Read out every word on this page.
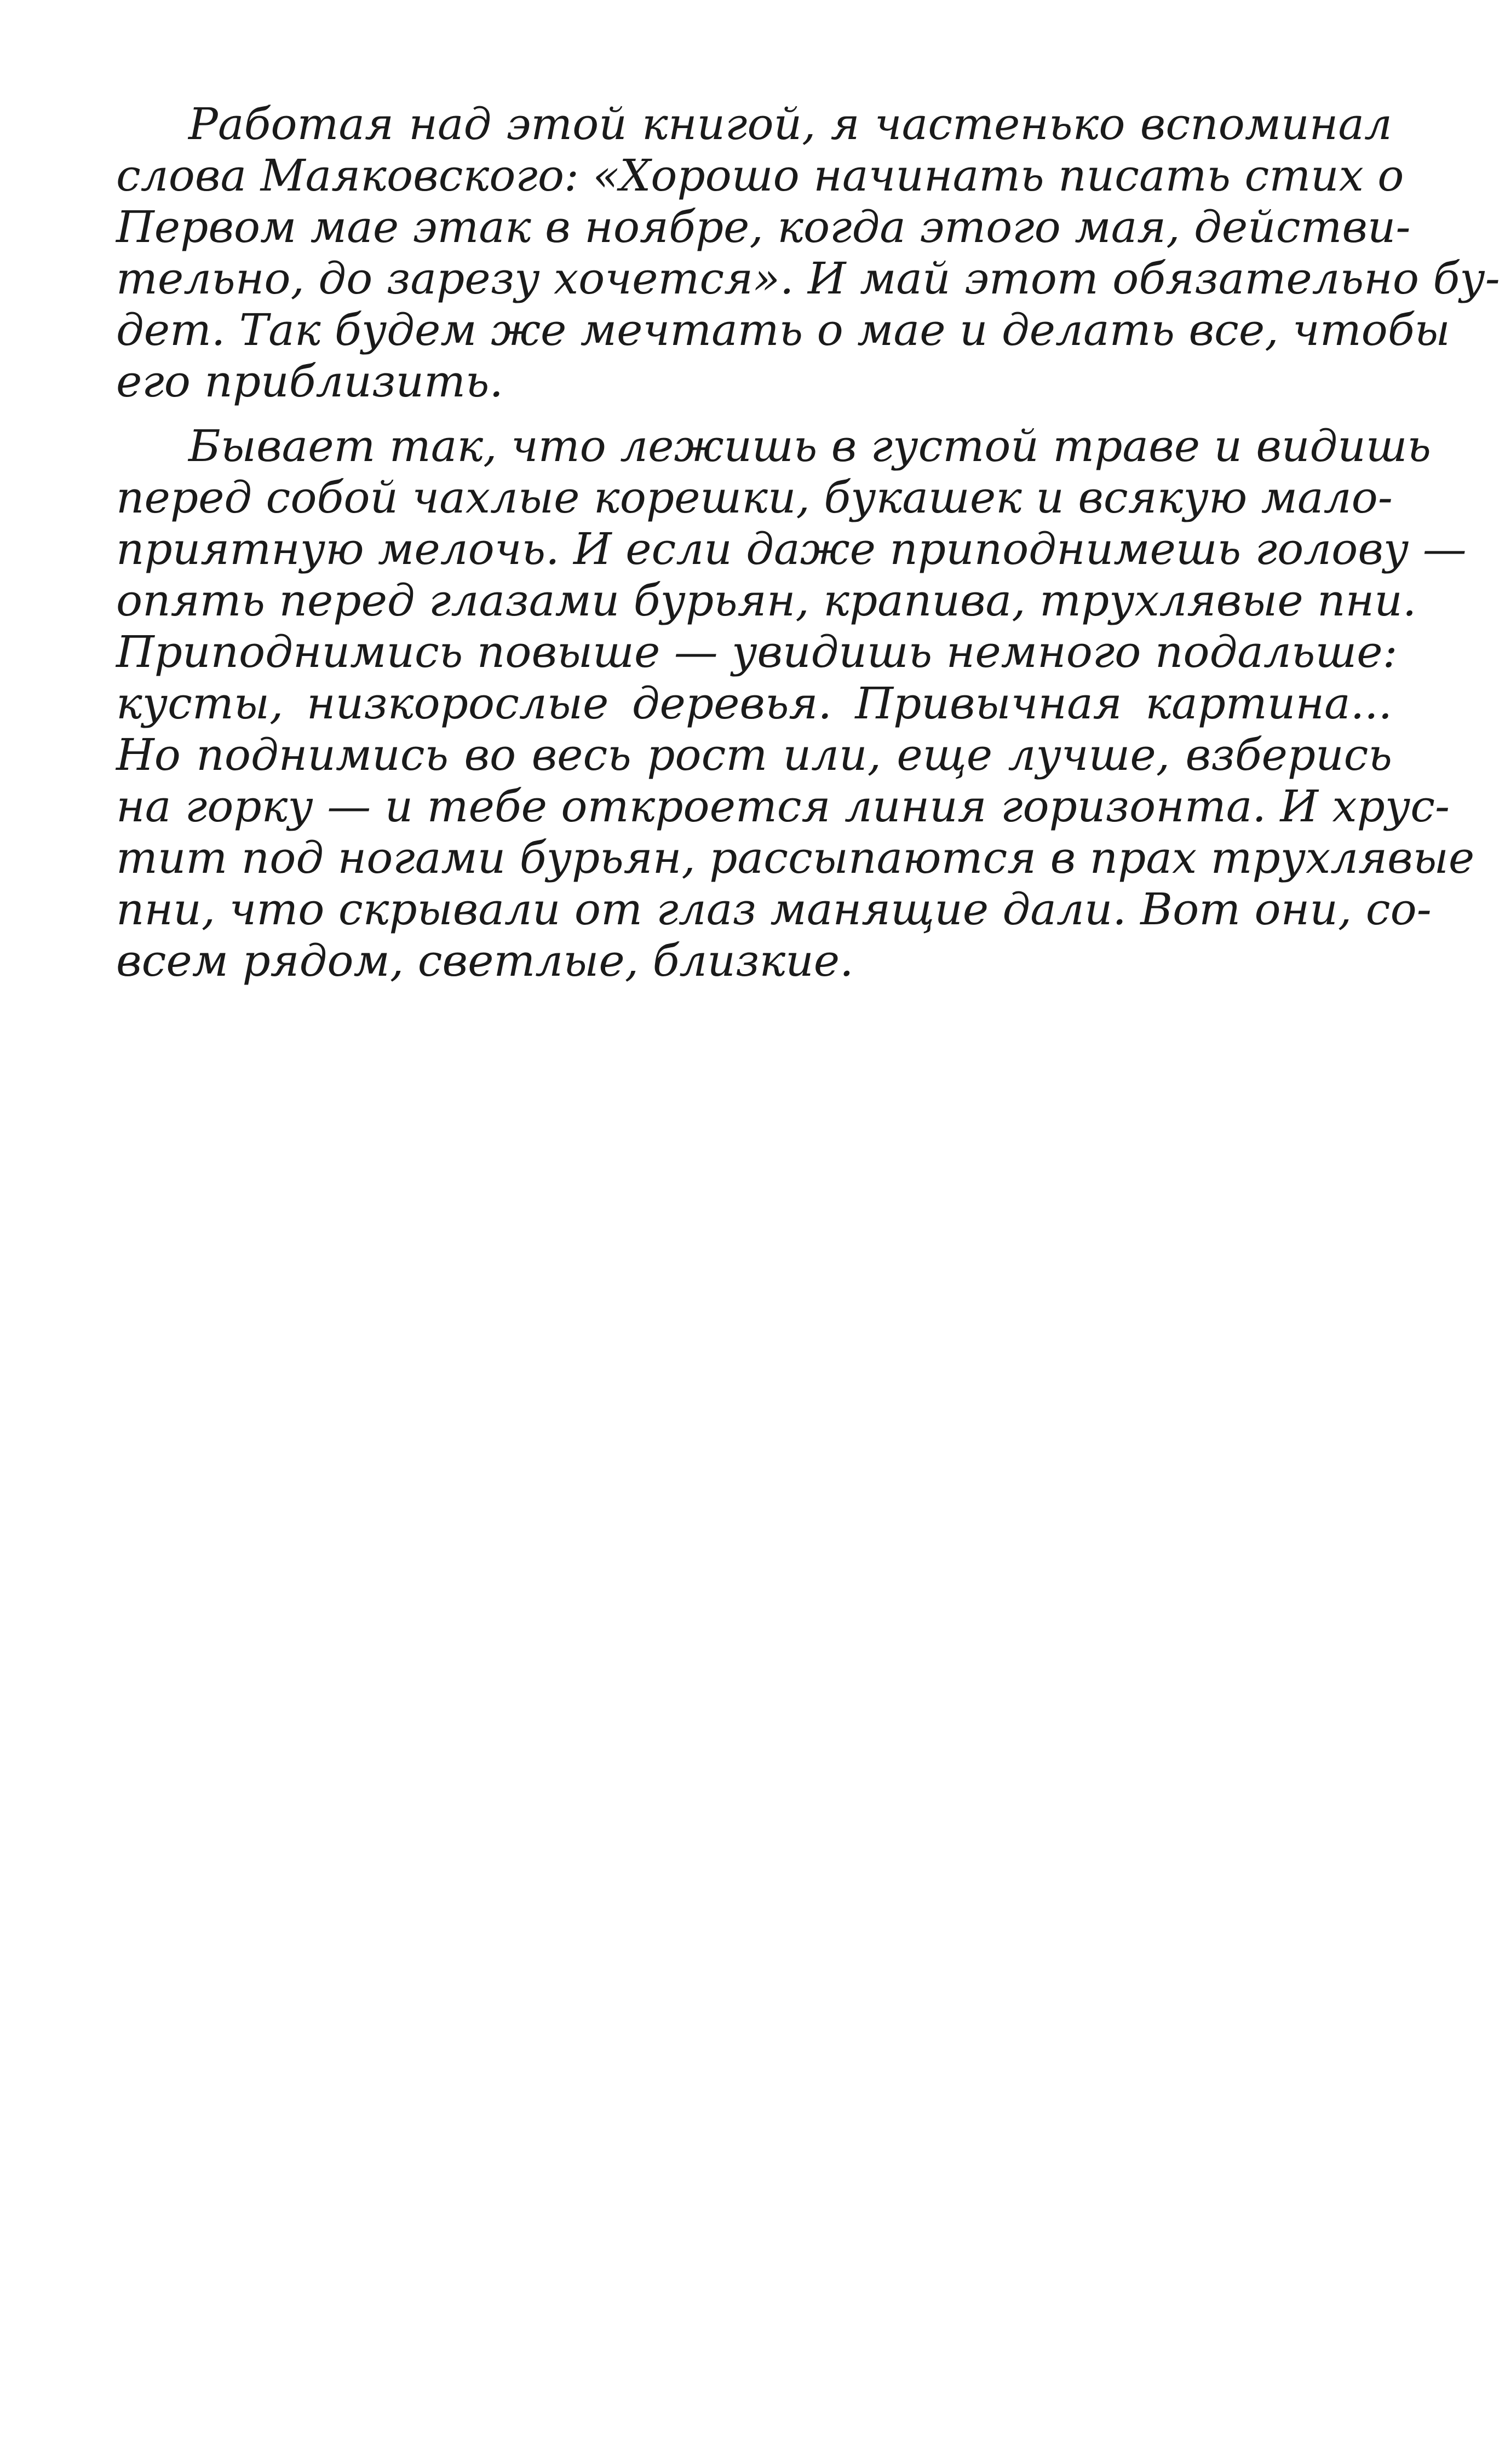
Работая над этой книгой, я частенько вспоминал
слова Маяковского: «Хорошо начинать писать стих о
Первом мае этак в ноябре, когда этого мая, действи-
тельно, до зарезу хочется». И май этот обязательно бу-
дет. Так будем же мечтать о мае и делать все, чтобы
его приблизить.
Бывает так, что лежишь в густой траве и видишь
перед собой чахлые корешки, букашек и всякую мало-
приятную мелочь. И если даже приподнимешь голову —
опять перед глазами бурьян, крапива, трухлявые пни.
Приподнимись повыше — увидишь немного подальше:
кусты, низкорослые деревья. Привычная картина...
Но поднимись во весь рост или, еще лучше, взберись
на горку — и тебе откроется линия горизонта. И хрус-
тит под ногами бурьян, рассыпаются в прах трухлявые
пни, что скрывали от глаз манящие дали. Вот они, со-
всем рядом, светлые, близкие.
